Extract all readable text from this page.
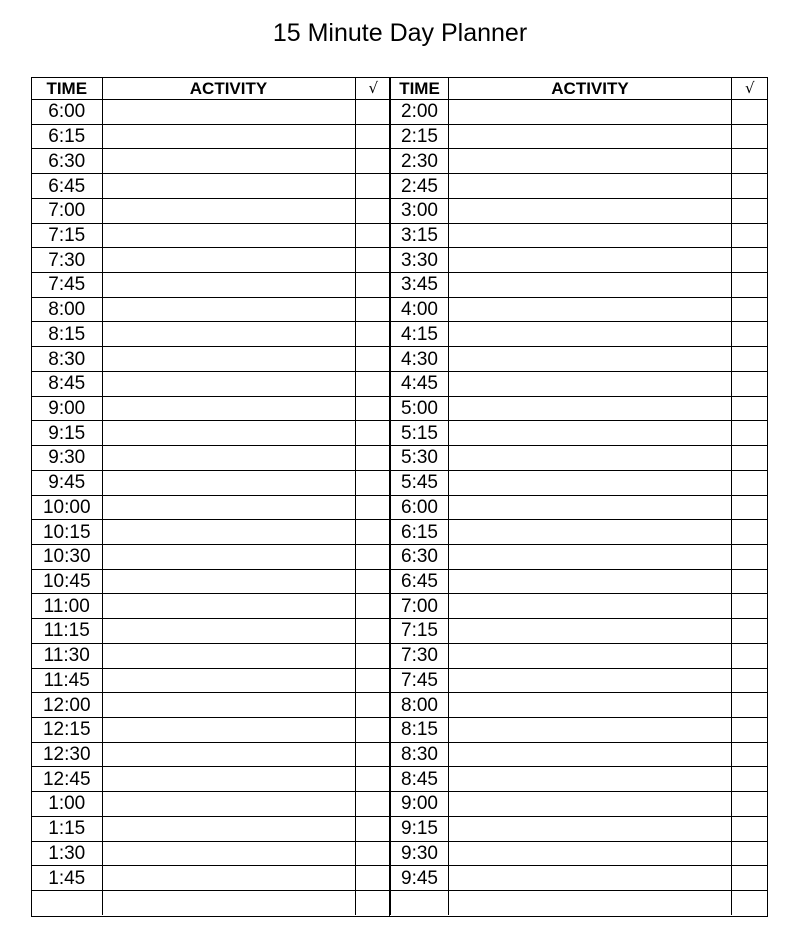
15 Minute Day Planner
TIME	ACTIVITY	√
6:00		
6:15		
6:30		
6:45		
7:00		
7:15		
7:30		
7:45		
8:00		
8:15		
8:30		
8:45		
9:00		
9:15		
9:30		
9:45		
10:00		
10:15		
10:30		
10:45		
11:00		
11:15		
11:30		
11:45		
12:00		
12:15		
12:30		
12:45		
1:00		
1:15		
1:30		
1:45		

TIME	ACTIVITY	√
2:00		
2:15		
2:30		
2:45		
3:00		
3:15		
3:30		
3:45		
4:00		
4:15		
4:30		
4:45		
5:00		
5:15		
5:30		
5:45		
6:00		
6:15		
6:30		
6:45		
7:00		
7:15		
7:30		
7:45		
8:00		
8:15		
8:30		
8:45		
9:00		
9:15		
9:30		
9:45		
